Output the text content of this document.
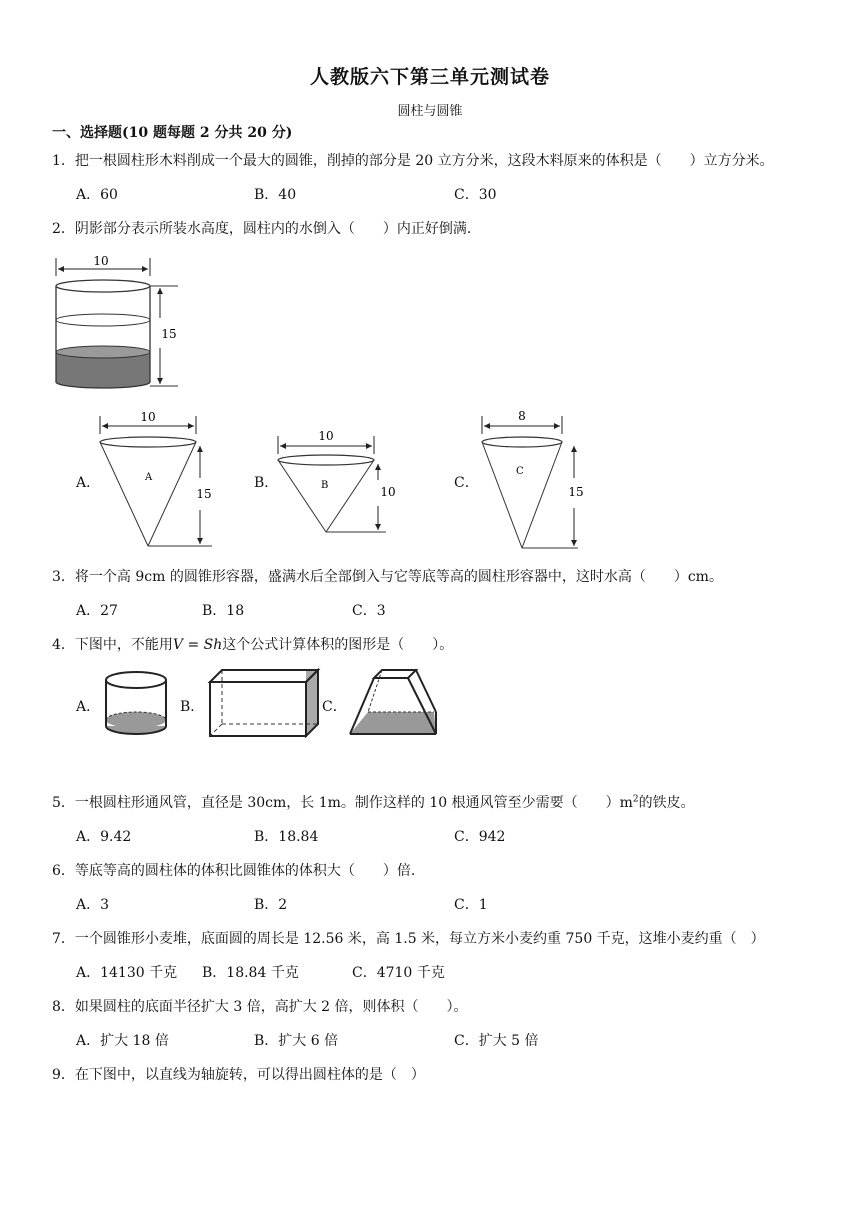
人教版六下第三单元测试卷
圆柱与圆锥
一、选择题(10 题每题 2 分共 20 分)
1．把一根圆柱形木料削成一个最大的圆锥，削掉的部分是 20 立方分米，这段木料原来的体积是（　　）立方分米。
A．60	B．40	C．30
2．阴影部分表示所装水高度，圆柱内的水倒入（　　）内正好倒满．
10
15
A．
10
A
15
B．
10
B	10
C．
8
C
15
3．将一个高 9cm 的圆锥形容器，盛满水后全部倒入与它等底等高的圆柱形容器中，这时水高（　　）cm。
A．27	B．18	C．3
4．下图中，不能用V = Sh这个公式计算体积的图形是（　　）。
A．	B．	C．
5．一根圆柱形通风管，直径是 30cm，长 1m。制作这样的 10 根通风管至少需要（　　）$m^2$的铁皮。
A．9.42	B．18.84	C．942
6．等底等高的圆柱体的体积比圆锥体的体积大（　　）倍.
A．3	B．2	C．1
7．一个圆锥形小麦堆，底面圆的周长是 12.56 米，高 1.5 米，每立方米小麦约重 750 千克，这堆小麦约重（　）
A．14130 千克 B．18.84 千克	C．4710 千克
8．如果圆柱的底面半径扩大 3 倍，高扩大 2 倍，则体积（　　）。
A．扩大 18 倍	B．扩大 6 倍	C．扩大 5 倍
9．在下图中，以直线为轴旋转，可以得出圆柱体的是（　）
